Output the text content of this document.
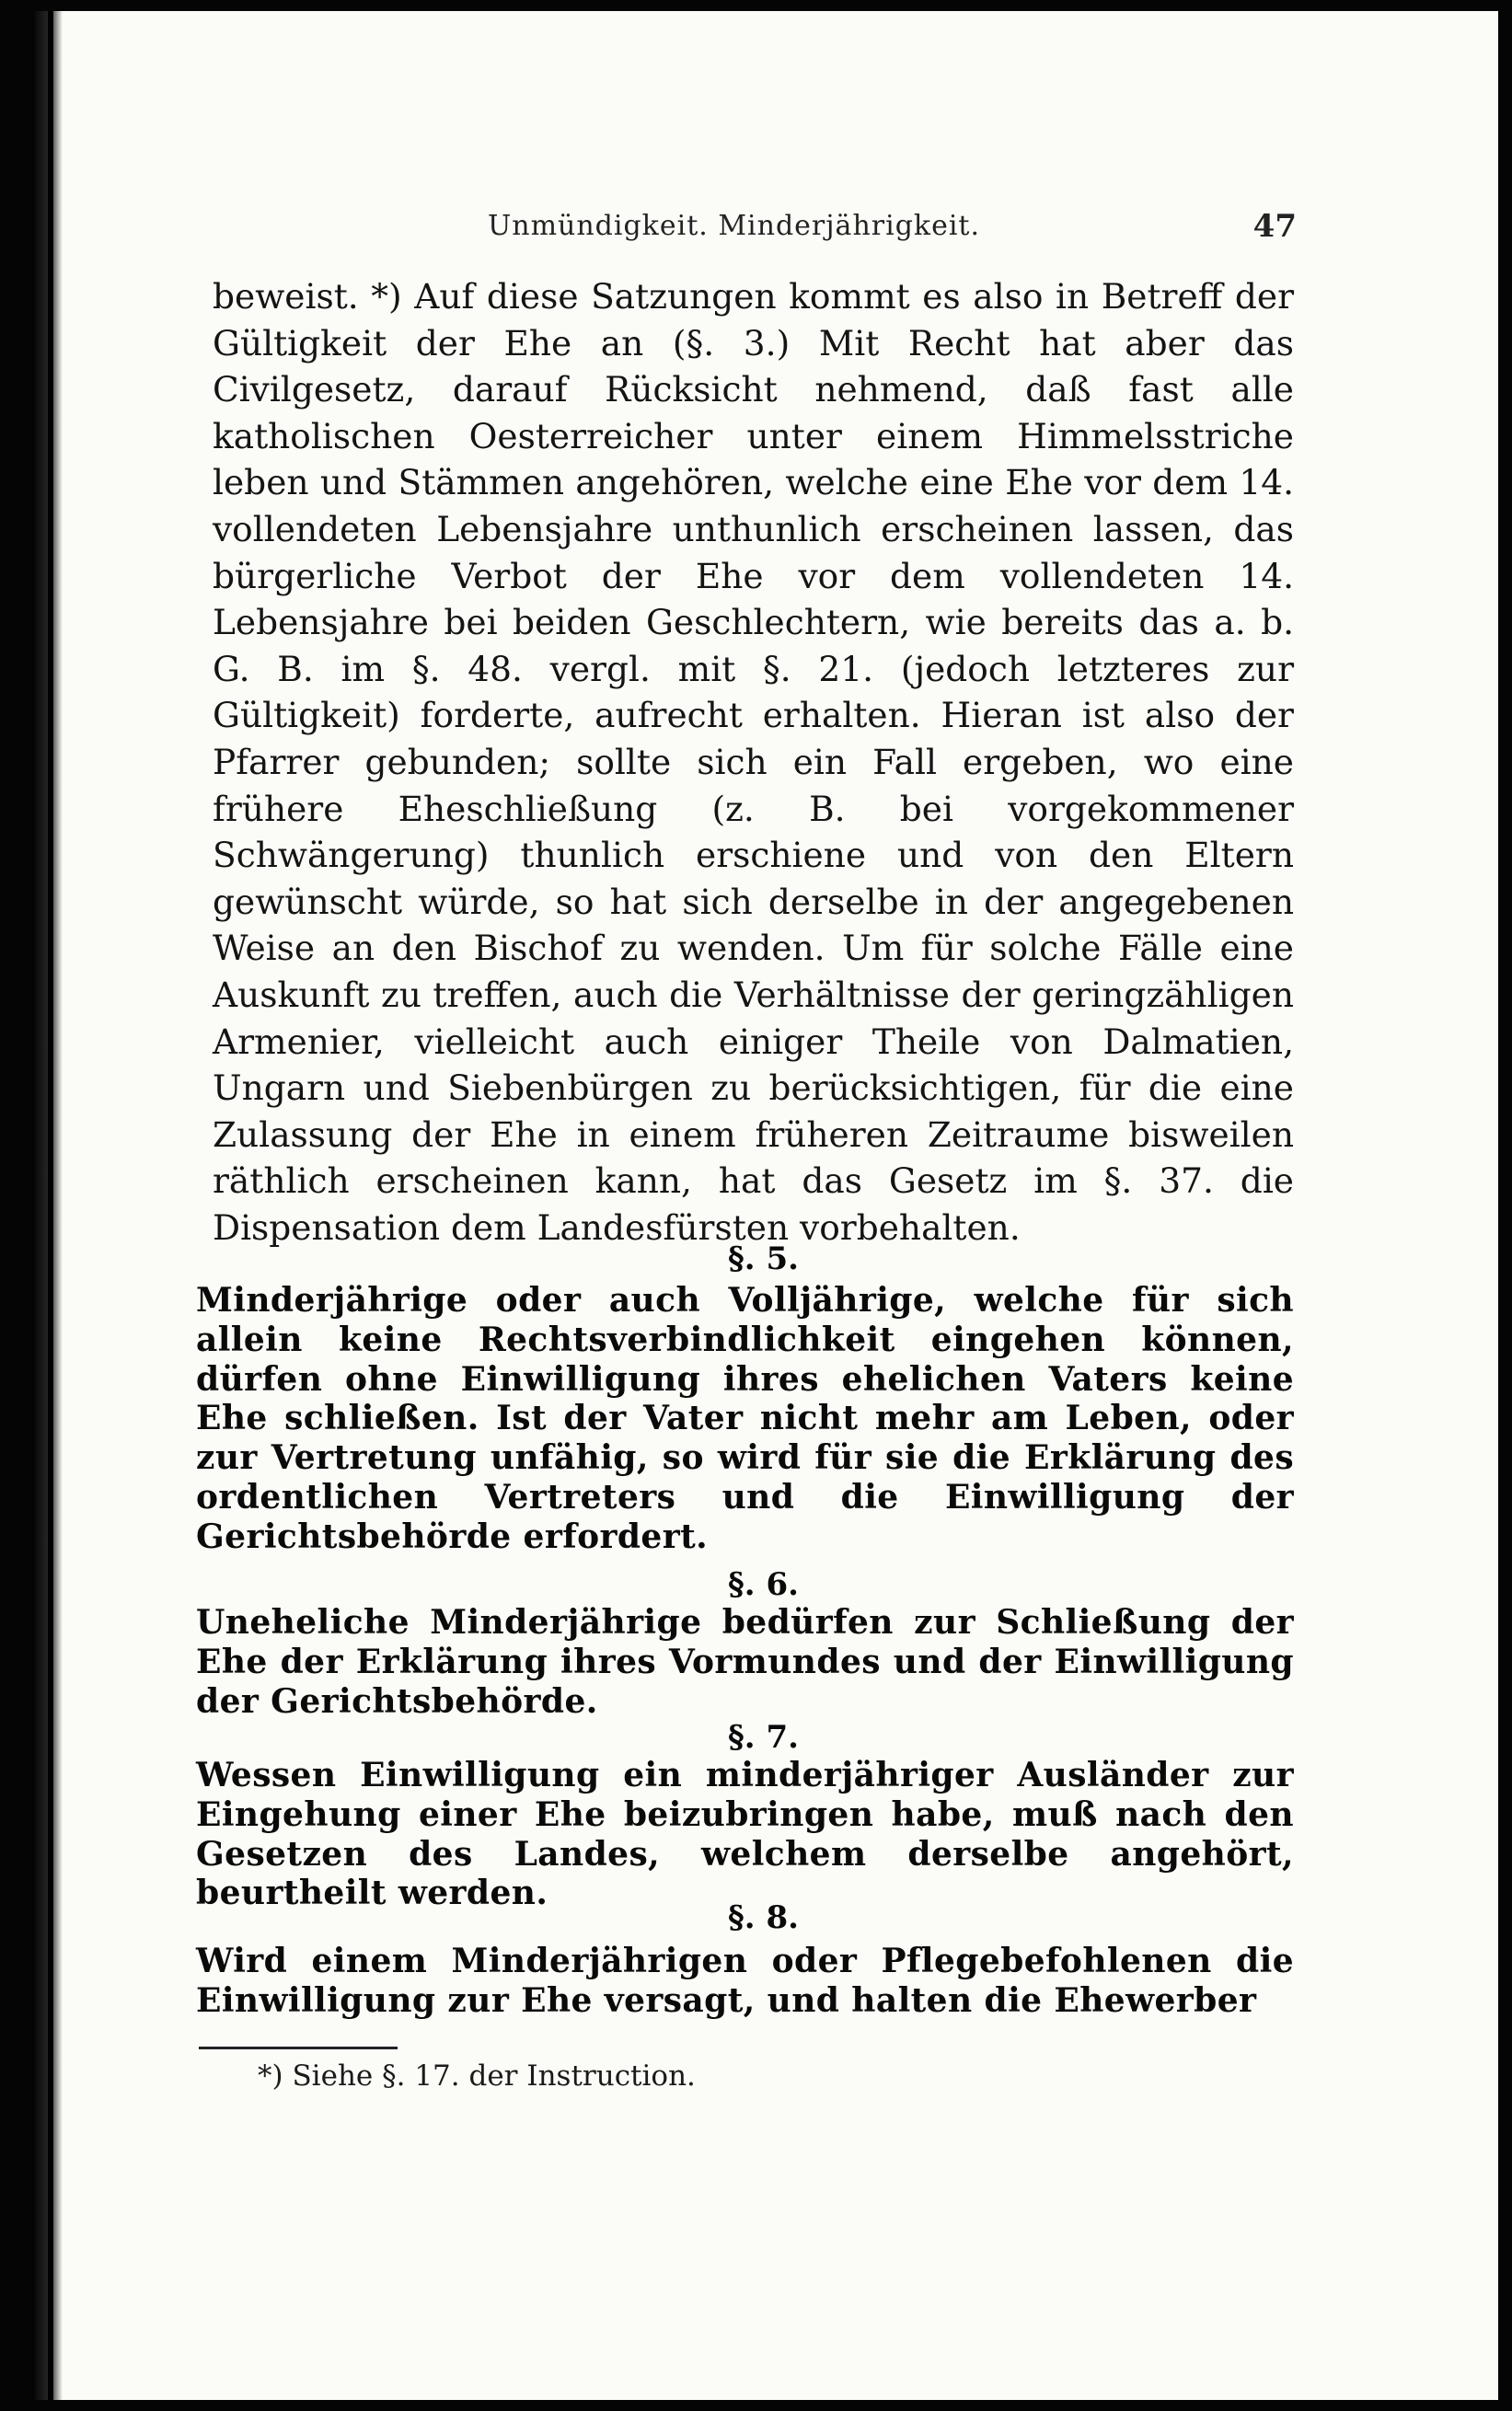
Unmündigkeit. Minderjährigkeit.	47

beweist. *) Auf diese Satzungen kommt es also in Betreff der Gültigkeit der Ehe an (§. 3.) Mit Recht hat aber das Civilgesetz, darauf Rücksicht nehmend, daß fast alle katholischen Oesterreicher unter einem Himmelsstriche leben und Stämmen angehören, welche eine Ehe vor dem 14. vollendeten Lebensjahre unthunlich erscheinen lassen, das bürgerliche Verbot der Ehe vor dem vollendeten 14. Lebensjahre bei beiden Geschlechtern, wie bereits das a. b. G. B. im §. 48. vergl. mit §. 21. (jedoch letzteres zur Gültigkeit) forderte, aufrecht erhalten. Hieran ist also der Pfarrer gebunden; sollte sich ein Fall ergeben, wo eine frühere Eheschließung (z. B. bei vorgekommener Schwängerung) thunlich erschiene und von den Eltern gewünscht würde, so hat sich derselbe in der angegebenen Weise an den Bischof zu wenden. Um für solche Fälle eine Auskunft zu treffen, auch die Verhältnisse der geringzähligen Armenier, vielleicht auch einiger Theile von Dalmatien, Ungarn und Siebenbürgen zu berücksichtigen, für die eine Zulassung der Ehe in einem früheren Zeitraume bisweilen räthlich erscheinen kann, hat das Gesetz im §. 37. die Dispensation dem Landesfürsten vorbehalten.

§. 5.
Minderjährige oder auch Volljährige, welche für sich allein keine Rechtsverbindlichkeit eingehen können, dürfen ohne Einwilligung ihres ehelichen Vaters keine Ehe schließen. Ist der Vater nicht mehr am Leben, oder zur Vertretung unfähig, so wird für sie die Erklärung des ordentlichen Vertreters und die Einwilligung der Gerichtsbehörde erfordert.
§. 6.
Uneheliche Minderjährige bedürfen zur Schließung der Ehe der Erklärung ihres Vormundes und der Einwilligung der Gerichtsbehörde.
§. 7.
Wessen Einwilligung ein minderjähriger Ausländer zur Eingehung einer Ehe beizubringen habe, muß nach den Gesetzen des Landes, welchem derselbe angehört, beurtheilt werden.
§. 8.
Wird einem Minderjährigen oder Pflegebefohlenen die Einwilligung zur Ehe versagt, und halten die Ehewerber
*) Siehe §. 17. der Instruction.
